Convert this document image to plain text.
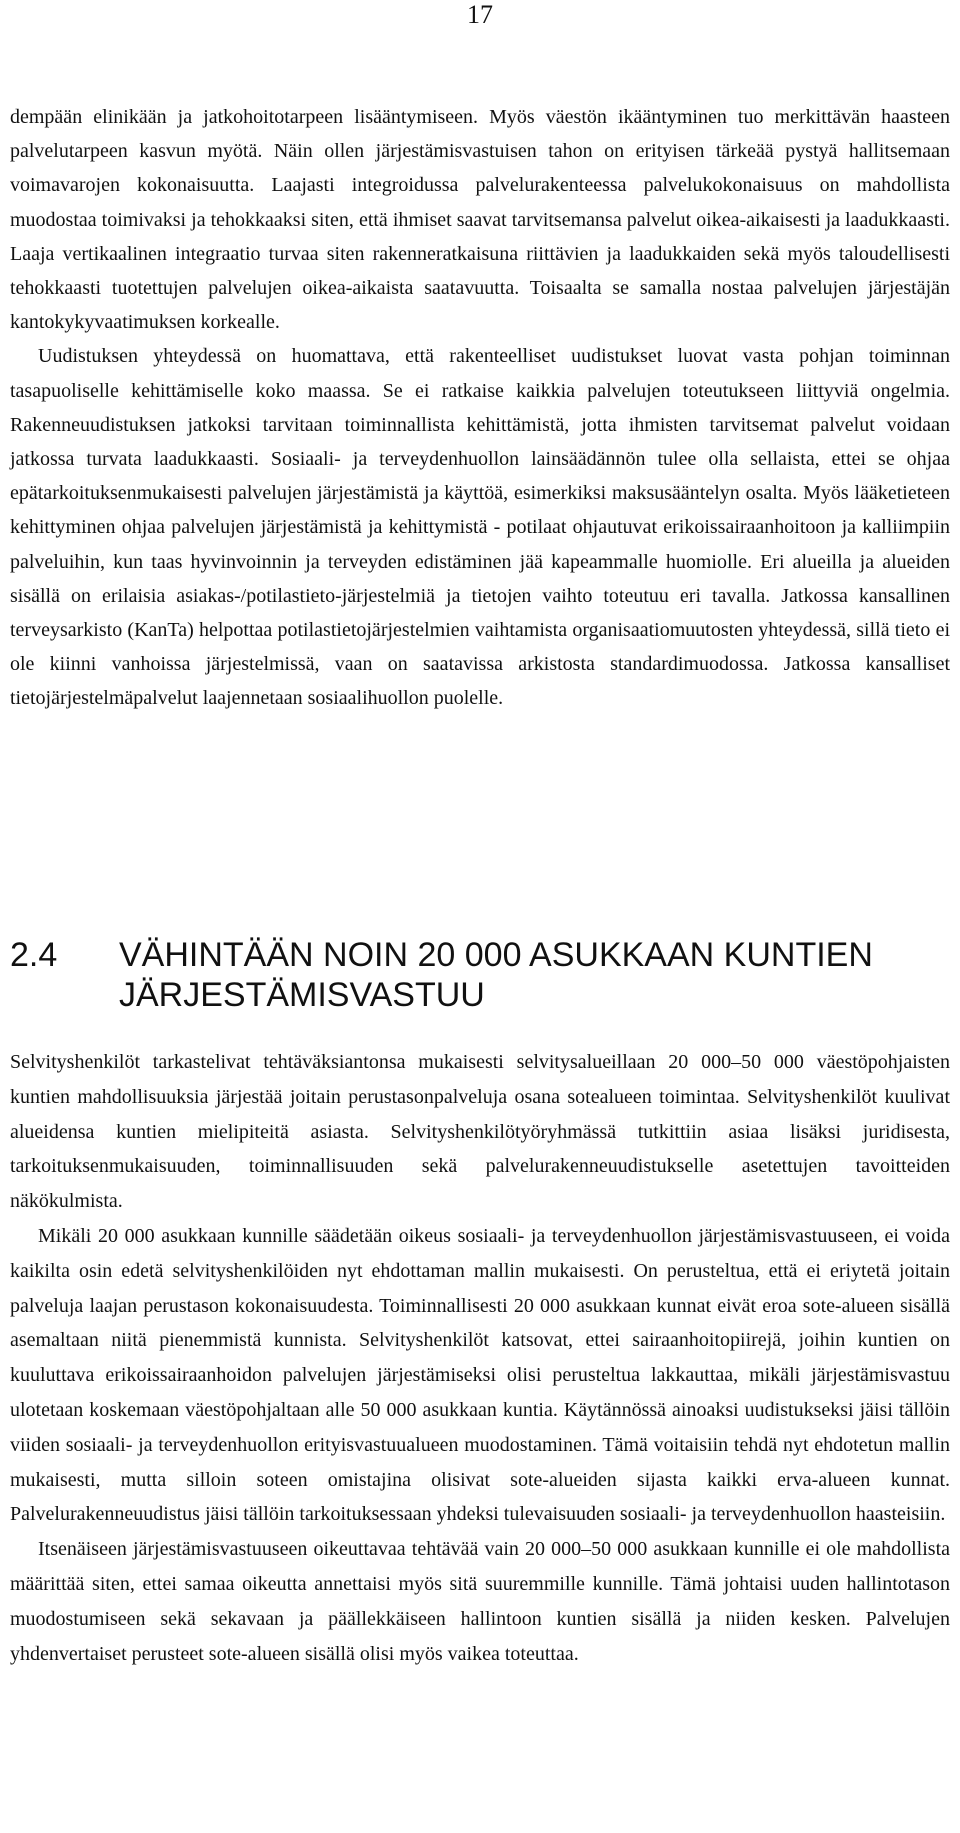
17

dempään elinikään ja jatkohoitotarpeen lisääntymiseen. Myös väestön ikääntyminen tuo merkittävän haasteen palvelutarpeen kasvun myötä. Näin ollen järjestämisvastuisen tahon on erityisen tärkeää pystyä hallitsemaan voimavarojen kokonaisuutta. Laajasti integroidussa palvelurakenteessa palvelukokonaisuus on mahdollista muodostaa toimivaksi ja tehokkaaksi siten, että ihmiset saavat tarvitsemansa palvelut oikea-aikaisesti ja laadukkaasti. Laaja vertikaalinen integraatio turvaa siten rakenneratkaisuna riittävien ja laadukkaiden sekä myös taloudellisesti tehokkaasti tuotettujen palvelujen oikea-aikaista saatavuutta. Toisaalta se samalla nostaa palvelujen järjestäjän kantokykyvaatimuksen korkealle.

Uudistuksen yhteydessä on huomattava, että rakenteelliset uudistukset luovat vasta pohjan toiminnan tasapuoliselle kehittämiselle koko maassa. Se ei ratkaise kaikkia palvelujen toteutukseen liittyviä ongelmia. Rakenneuudistuksen jatkoksi tarvitaan toiminnallista kehittämistä, jotta ihmisten tarvitsemat palvelut voidaan jatkossa turvata laadukkaasti. Sosiaali- ja terveydenhuollon lainsäädännön tulee olla sellaista, ettei se ohjaa epätarkoituksenmukaisesti palvelujen järjestämistä ja käyttöä, esimerkiksi maksusääntelyn osalta. Myös lääketieteen kehittyminen ohjaa palvelujen järjestämistä ja kehittymistä - potilaat ohjautuvat erikoissairaanhoitoon ja kalliimpiin palveluihin, kun taas hyvinvoinnin ja terveyden edistäminen jää kapeammalle huomiolle. Eri alueilla ja alueiden sisällä on erilaisia asiakas-/potilastieto-järjestelmiä ja tietojen vaihto toteutuu eri tavalla. Jatkossa kansallinen terveysarkisto (KanTa) helpottaa potilastietojärjestelmien vaihtamista organisaatiomuutosten yhteydessä, sillä tieto ei ole kiinni vanhoissa järjestelmissä, vaan on saatavissa arkistosta standardimuodossa. Jatkossa kansalliset tietojärjestelmäpalvelut laajennetaan sosiaalihuollon puolelle.

2.4	VÄHINTÄÄN NOIN 20 000 ASUKKAAN KUNTIEN
JÄRJESTÄMISVASTUU

Selvityshenkilöt tarkastelivat tehtäväksiantonsa mukaisesti selvitysalueillaan 20 000–50 000 väestöpohjaisten kuntien mahdollisuuksia järjestää joitain perustasonpalveluja osana sotealueen toimintaa. Selvityshenkilöt kuulivat alueidensa kuntien mielipiteitä asiasta. Selvityshenkilötyöryhmässä tutkittiin asiaa lisäksi juridisesta, tarkoituksenmukaisuuden, toiminnallisuuden sekä palvelurakenneuudistukselle asetettujen tavoitteiden näkökulmista.

Mikäli 20 000 asukkaan kunnille säädetään oikeus sosiaali- ja terveydenhuollon järjestämisvastuuseen, ei voida kaikilta osin edetä selvityshenkilöiden nyt ehdottaman mallin mukaisesti. On perusteltua, että ei eriytetä joitain palveluja laajan perustason kokonaisuudesta. Toiminnallisesti 20 000 asukkaan kunnat eivät eroa sote-alueen sisällä asemaltaan niitä pienemmistä kunnista. Selvityshenkilöt katsovat, ettei sairaanhoitopiirejä, joihin kuntien on kuuluttava erikoissairaanhoidon palvelujen järjestämiseksi olisi perusteltua lakkauttaa, mikäli järjestämisvastuu ulotetaan koskemaan väestöpohjaltaan alle 50 000 asukkaan kuntia. Käytännössä ainoaksi uudistukseksi jäisi tällöin viiden sosiaali- ja terveydenhuollon erityisvastuualueen muodostaminen. Tämä voitaisiin tehdä nyt ehdotetun mallin mukaisesti, mutta silloin soteen omistajina olisivat sote-alueiden sijasta kaikki erva-alueen kunnat. Palvelurakenneuudistus jäisi tällöin tarkoituksessaan yhdeksi tulevaisuuden sosiaali- ja terveydenhuollon haasteisiin.

Itsenäiseen järjestämisvastuuseen oikeuttavaa tehtävää vain 20 000–50 000 asukkaan kunnille ei ole mahdollista määrittää siten, ettei samaa oikeutta annettaisi myös sitä suuremmille kunnille. Tämä johtaisi uuden hallintotason muodostumiseen sekä sekavaan ja päällekkäiseen hallintoon kuntien sisällä ja niiden kesken. Palvelujen yhdenvertaiset perusteet sote-alueen sisällä olisi myös vaikea toteuttaa.
